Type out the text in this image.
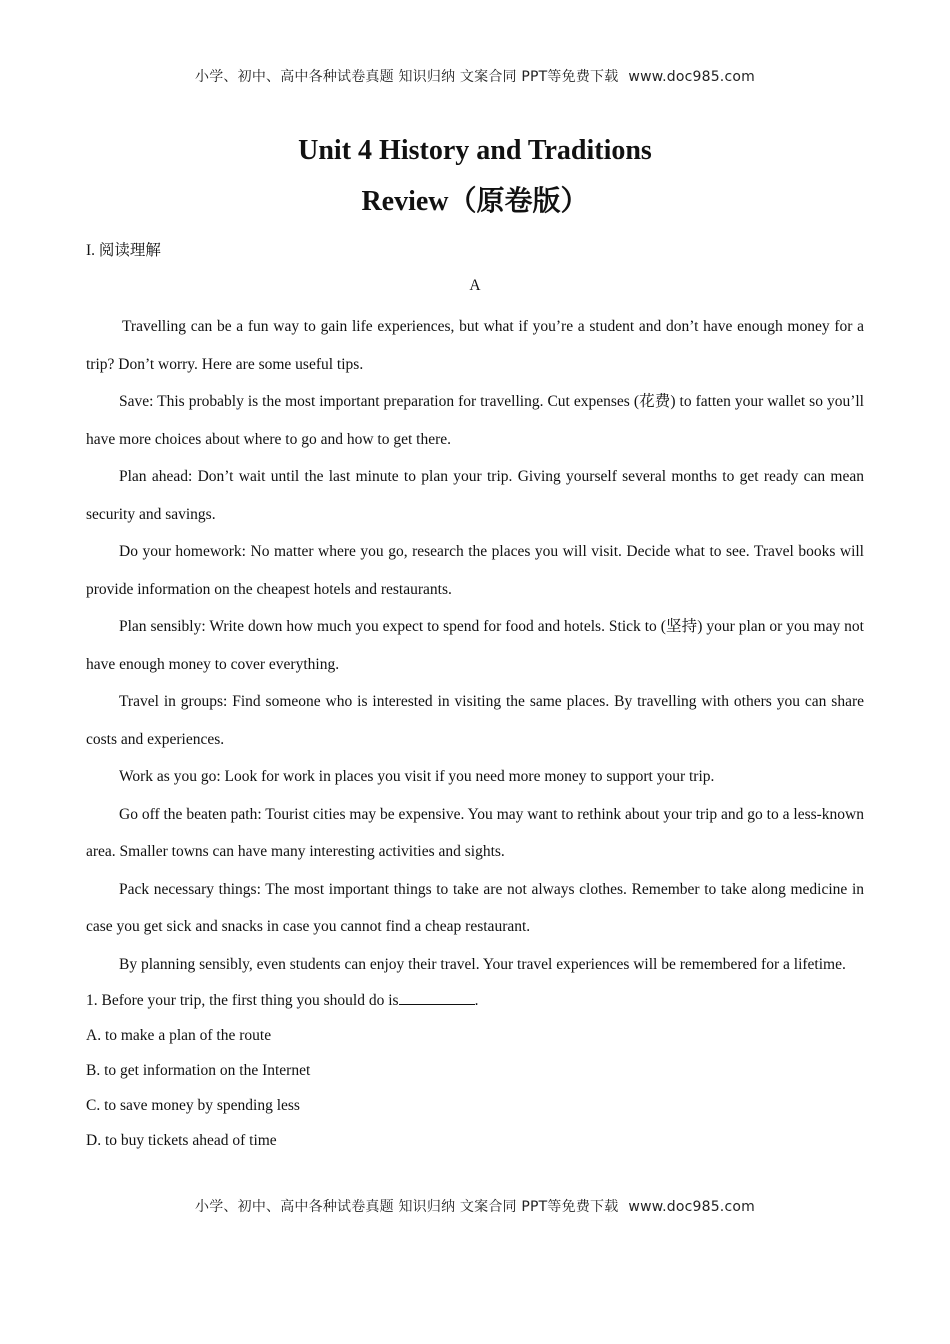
小学、初中、高中各种试卷真题 知识归纳 文案合同 PPT等免费下载 www.doc985.com
Unit 4 History and Traditions
Review（原卷版）

I. 阅读理解

A

Travelling can be a fun way to gain life experiences, but what if you’re a student and don’t have enough money for a trip? Don’t worry. Here are some useful tips.

Save: This probably is the most important preparation for travelling. Cut expenses (花费) to fatten your wallet so you’ll have more choices about where to go and how to get there.

Plan ahead: Don’t wait until the last minute to plan your trip. Giving yourself several months to get ready can mean security and savings.

Do your homework: No matter where you go, research the places you will visit. Decide what to see. Travel books will provide information on the cheapest hotels and restaurants.

Plan sensibly: Write down how much you expect to spend for food and hotels. Stick to (坚持) your plan or you may not have enough money to cover everything.

Travel in groups: Find someone who is interested in visiting the same places. By travelling with others you can share costs and experiences.

Work as you go: Look for work in places you visit if you need more money to support your trip.

Go off the beaten path: Tourist cities may be expensive. You may want to rethink about your trip and go to a less-known area. Smaller towns can have many interesting activities and sights.

Pack necessary things: The most important things to take are not always clothes. Remember to take along medicine in case you get sick and snacks in case you cannot find a cheap restaurant.

By planning sensibly, even students can enjoy their travel. Your travel experiences will be remembered for a lifetime.

1. Before your trip, the first thing you should do is	.

A. to make a plan of the route

B. to get information on the Internet

C. to save money by spending less

D. to buy tickets ahead of time

小学、初中、高中各种试卷真题 知识归纳 文案合同 PPT等免费下载 www.doc985.com
